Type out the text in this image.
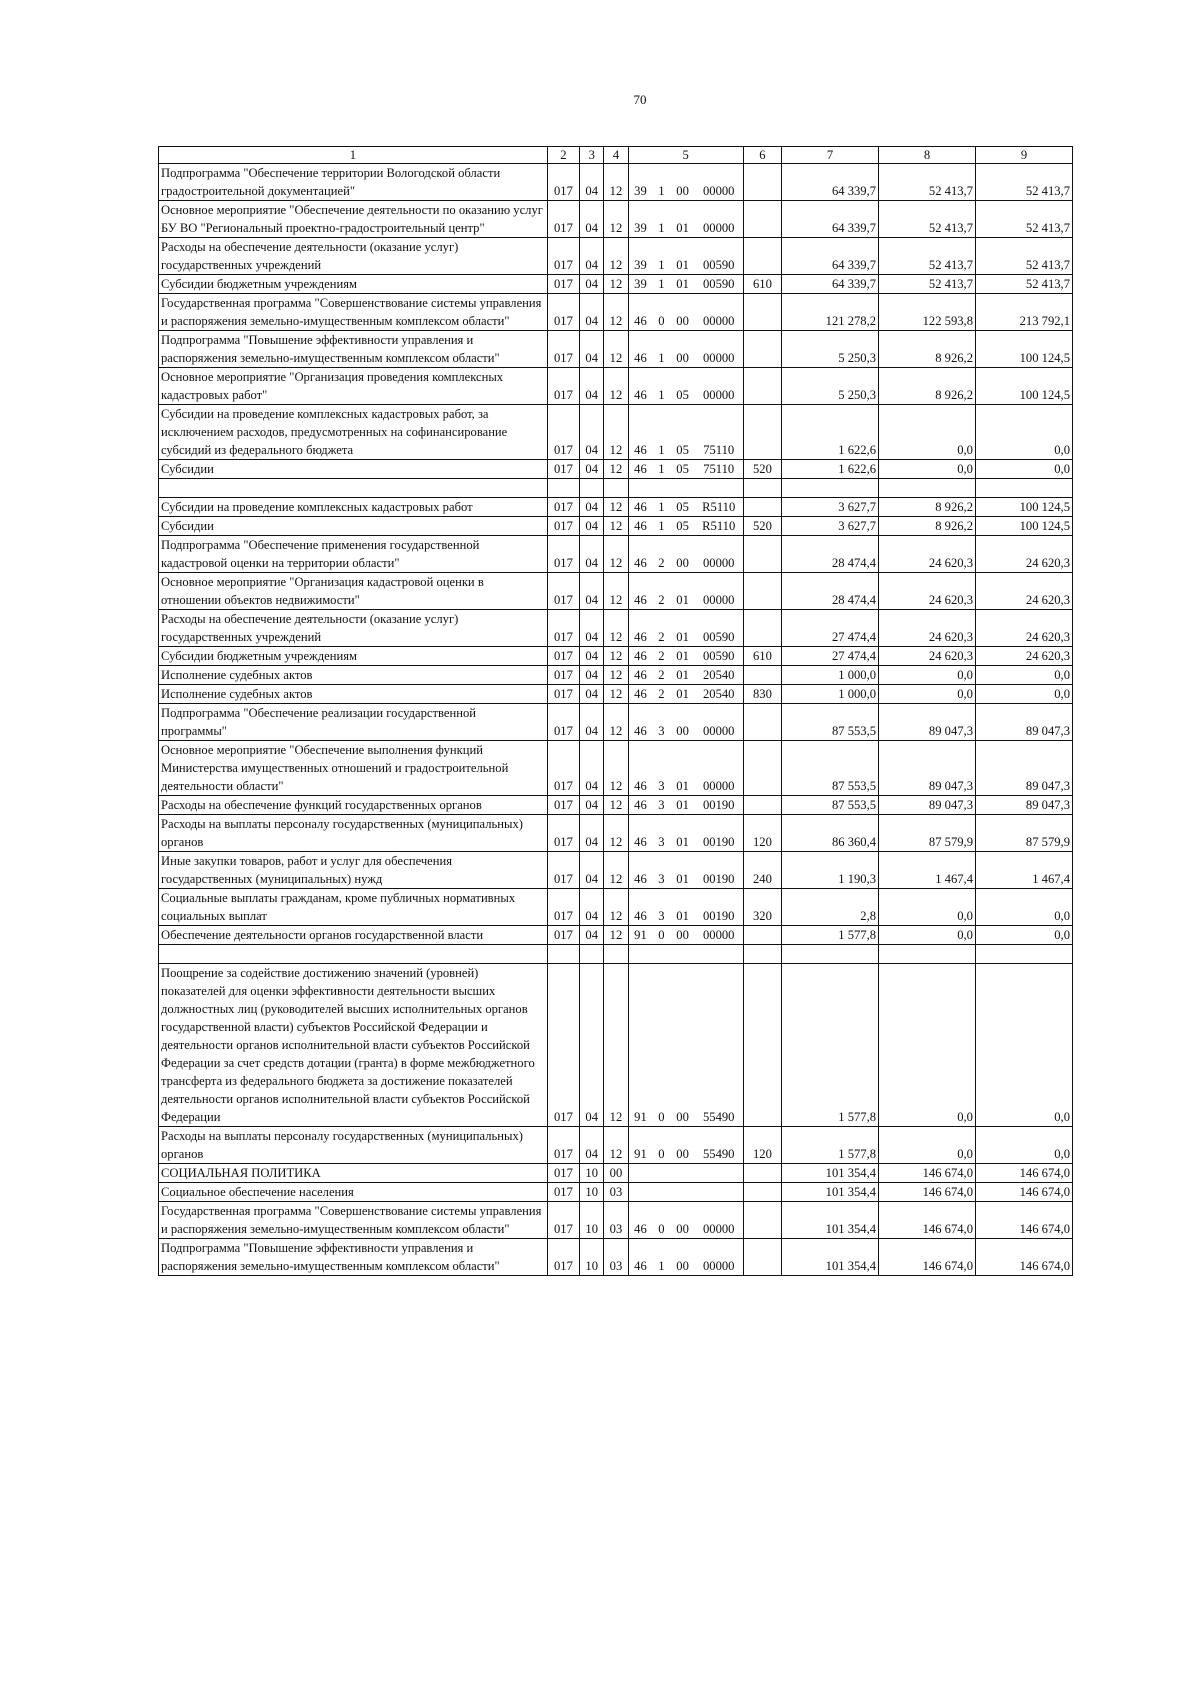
70
1	2	3	4	5				6	7	8	9
Подпрограмма "Обеспечение территории Вологодской области градостроительной документацией"	017	04	12	39	1	00	00000		64 339,7	52 413,7	52 413,7
Основное мероприятие "Обеспечение деятельности по оказанию услуг БУ ВО "Региональный проектно-градостроительный центр"	017	04	12	39	1	01	00000		64 339,7	52 413,7	52 413,7
Расходы на обеспечение деятельности (оказание услуг) государственных учреждений	017	04	12	39	1	01	00590		64 339,7	52 413,7	52 413,7
Субсидии бюджетным учреждениям	017	04	12	39	1	01	00590	610	64 339,7	52 413,7	52 413,7
Государственная программа "Совершенствование системы управления и распоряжения земельно-имущественным комплексом области"	017	04	12	46	0	00	00000		121 278,2	122 593,8	213 792,1
Подпрограмма "Повышение эффективности управления и распоряжения земельно-имущественным комплексом области"	017	04	12	46	1	00	00000		5 250,3	8 926,2	100 124,5
Основное мероприятие "Организация проведения комплексных кадастровых работ"	017	04	12	46	1	05	00000		5 250,3	8 926,2	100 124,5
Субсидии на проведение комплексных кадастровых работ, за исключением расходов, предусмотренных на софинансирование субсидий из федерального бюджета	017	04	12	46	1	05	75110		1 622,6	0,0	0,0
Субсидии	017	04	12	46	1	05	75110	520	1 622,6	0,0	0,0

Субсидии на проведение комплексных кадастровых работ	017	04	12	46	1	05	R5110		3 627,7	8 926,2	100 124,5
Субсидии	017	04	12	46	1	05	R5110	520	3 627,7	8 926,2	100 124,5
Подпрограмма "Обеспечение применения государственной кадастровой оценки на территории области"	017	04	12	46	2	00	00000		28 474,4	24 620,3	24 620,3
Основное мероприятие "Организация кадастровой оценки в отношении объектов недвижимости"	017	04	12	46	2	01	00000		28 474,4	24 620,3	24 620,3
Расходы на обеспечение деятельности (оказание услуг) государственных учреждений	017	04	12	46	2	01	00590		27 474,4	24 620,3	24 620,3
Субсидии бюджетным учреждениям	017	04	12	46	2	01	00590	610	27 474,4	24 620,3	24 620,3
Исполнение судебных актов	017	04	12	46	2	01	20540		1 000,0	0,0	0,0
Исполнение судебных актов	017	04	12	46	2	01	20540	830	1 000,0	0,0	0,0
Подпрограмма "Обеспечение реализации государственной программы"	017	04	12	46	3	00	00000		87 553,5	89 047,3	89 047,3
Основное мероприятие "Обеспечение выполнения функций Министерства имущественных отношений и градостроительной деятельности области"	017	04	12	46	3	01	00000		87 553,5	89 047,3	89 047,3
Расходы на обеспечение функций государственных органов	017	04	12	46	3	01	00190		87 553,5	89 047,3	89 047,3
Расходы на выплаты персоналу государственных (муниципальных) органов	017	04	12	46	3	01	00190	120	86 360,4	87 579,9	87 579,9
Иные закупки товаров, работ и услуг для обеспечения государственных (муниципальных) нужд	017	04	12	46	3	01	00190	240	1 190,3	1 467,4	1 467,4
Социальные выплаты гражданам, кроме публичных нормативных социальных выплат	017	04	12	46	3	01	00190	320	2,8	0,0	0,0
Обеспечение деятельности органов государственной власти	017	04	12	91	0	00	00000		1 577,8	0,0	0,0

Поощрение за содействие достижению значений (уровней) показателей для оценки эффективности деятельности высших должностных лиц (руководителей высших исполнительных органов государственной власти) субъектов Российской Федерации и деятельности органов исполнительной власти субъектов Российской Федерации за счет средств дотации (гранта) в форме межбюджетного трансферта из федерального бюджета за достижение показателей деятельности органов исполнительной власти субъектов Российской Федерации	017	04	12	91	0	00	55490		1 577,8	0,0	0,0
Расходы на выплаты персоналу государственных (муниципальных) органов	017	04	12	91	0	00	55490	120	1 577,8	0,0	0,0
СОЦИАЛЬНАЯ ПОЛИТИКА	017	10	00						101 354,4	146 674,0	146 674,0
Социальное обеспечение населения	017	10	03						101 354,4	146 674,0	146 674,0
Государственная программа "Совершенствование системы управления и распоряжения земельно-имущественным комплексом области"	017	10	03	46	0	00	00000		101 354,4	146 674,0	146 674,0
Подпрограмма "Повышение эффективности управления и распоряжения земельно-имущественным комплексом области"	017	10	03	46	1	00	00000		101 354,4	146 674,0	146 674,0
